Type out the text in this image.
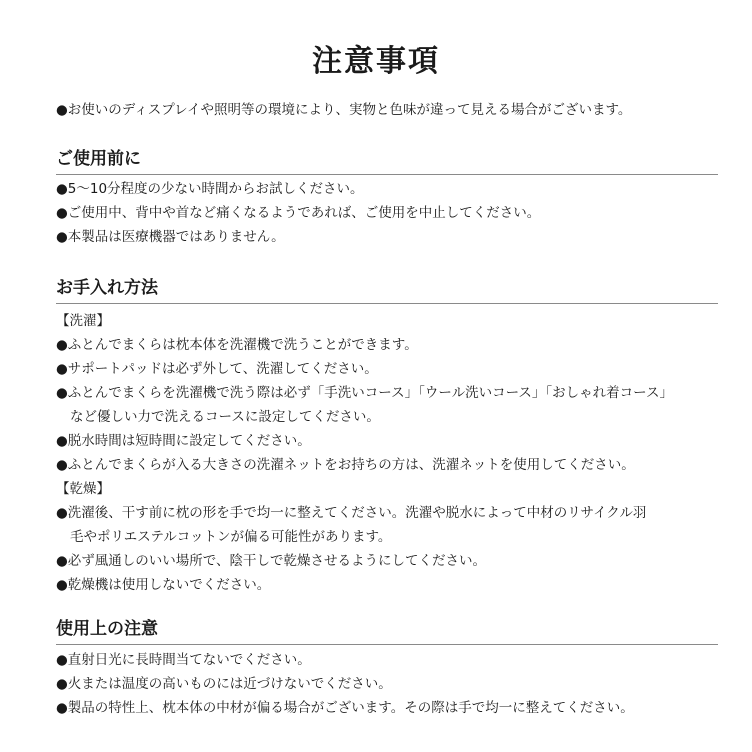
注意事項
●お使いのディスプレイや照明等の環境により、実物と色味が違って見える場合がございます。
ご使用前に
●5～10分程度の少ない時間からお試しください。
●ご使用中、背中や首など痛くなるようであれば、ご使用を中止してください。
●本製品は医療機器ではありません。
お手入れ方法
【洗濯】
●ふとんでまくらは枕本体を洗濯機で洗うことができます。
●サポートパッドは必ず外して、洗濯してください。
●ふとんでまくらを洗濯機で洗う際は必ず「手洗いコース」「ウール洗いコース」「おしゃれ着コース」
など優しい力で洗えるコースに設定してください。
●脱水時間は短時間に設定してください。
●ふとんでまくらが入る大きさの洗濯ネットをお持ちの方は、洗濯ネットを使用してください。
【乾燥】
●洗濯後、干す前に枕の形を手で均一に整えてください。洗濯や脱水によって中材のリサイクル羽
毛やポリエステルコットンが偏る可能性があります。
●必ず風通しのいい場所で、陰干しで乾燥させるようにしてください。
●乾燥機は使用しないでください。
使用上の注意
●直射日光に長時間当てないでください。
●火または温度の高いものには近づけないでください。
●製品の特性上、枕本体の中材が偏る場合がございます。その際は手で均一に整えてください。
